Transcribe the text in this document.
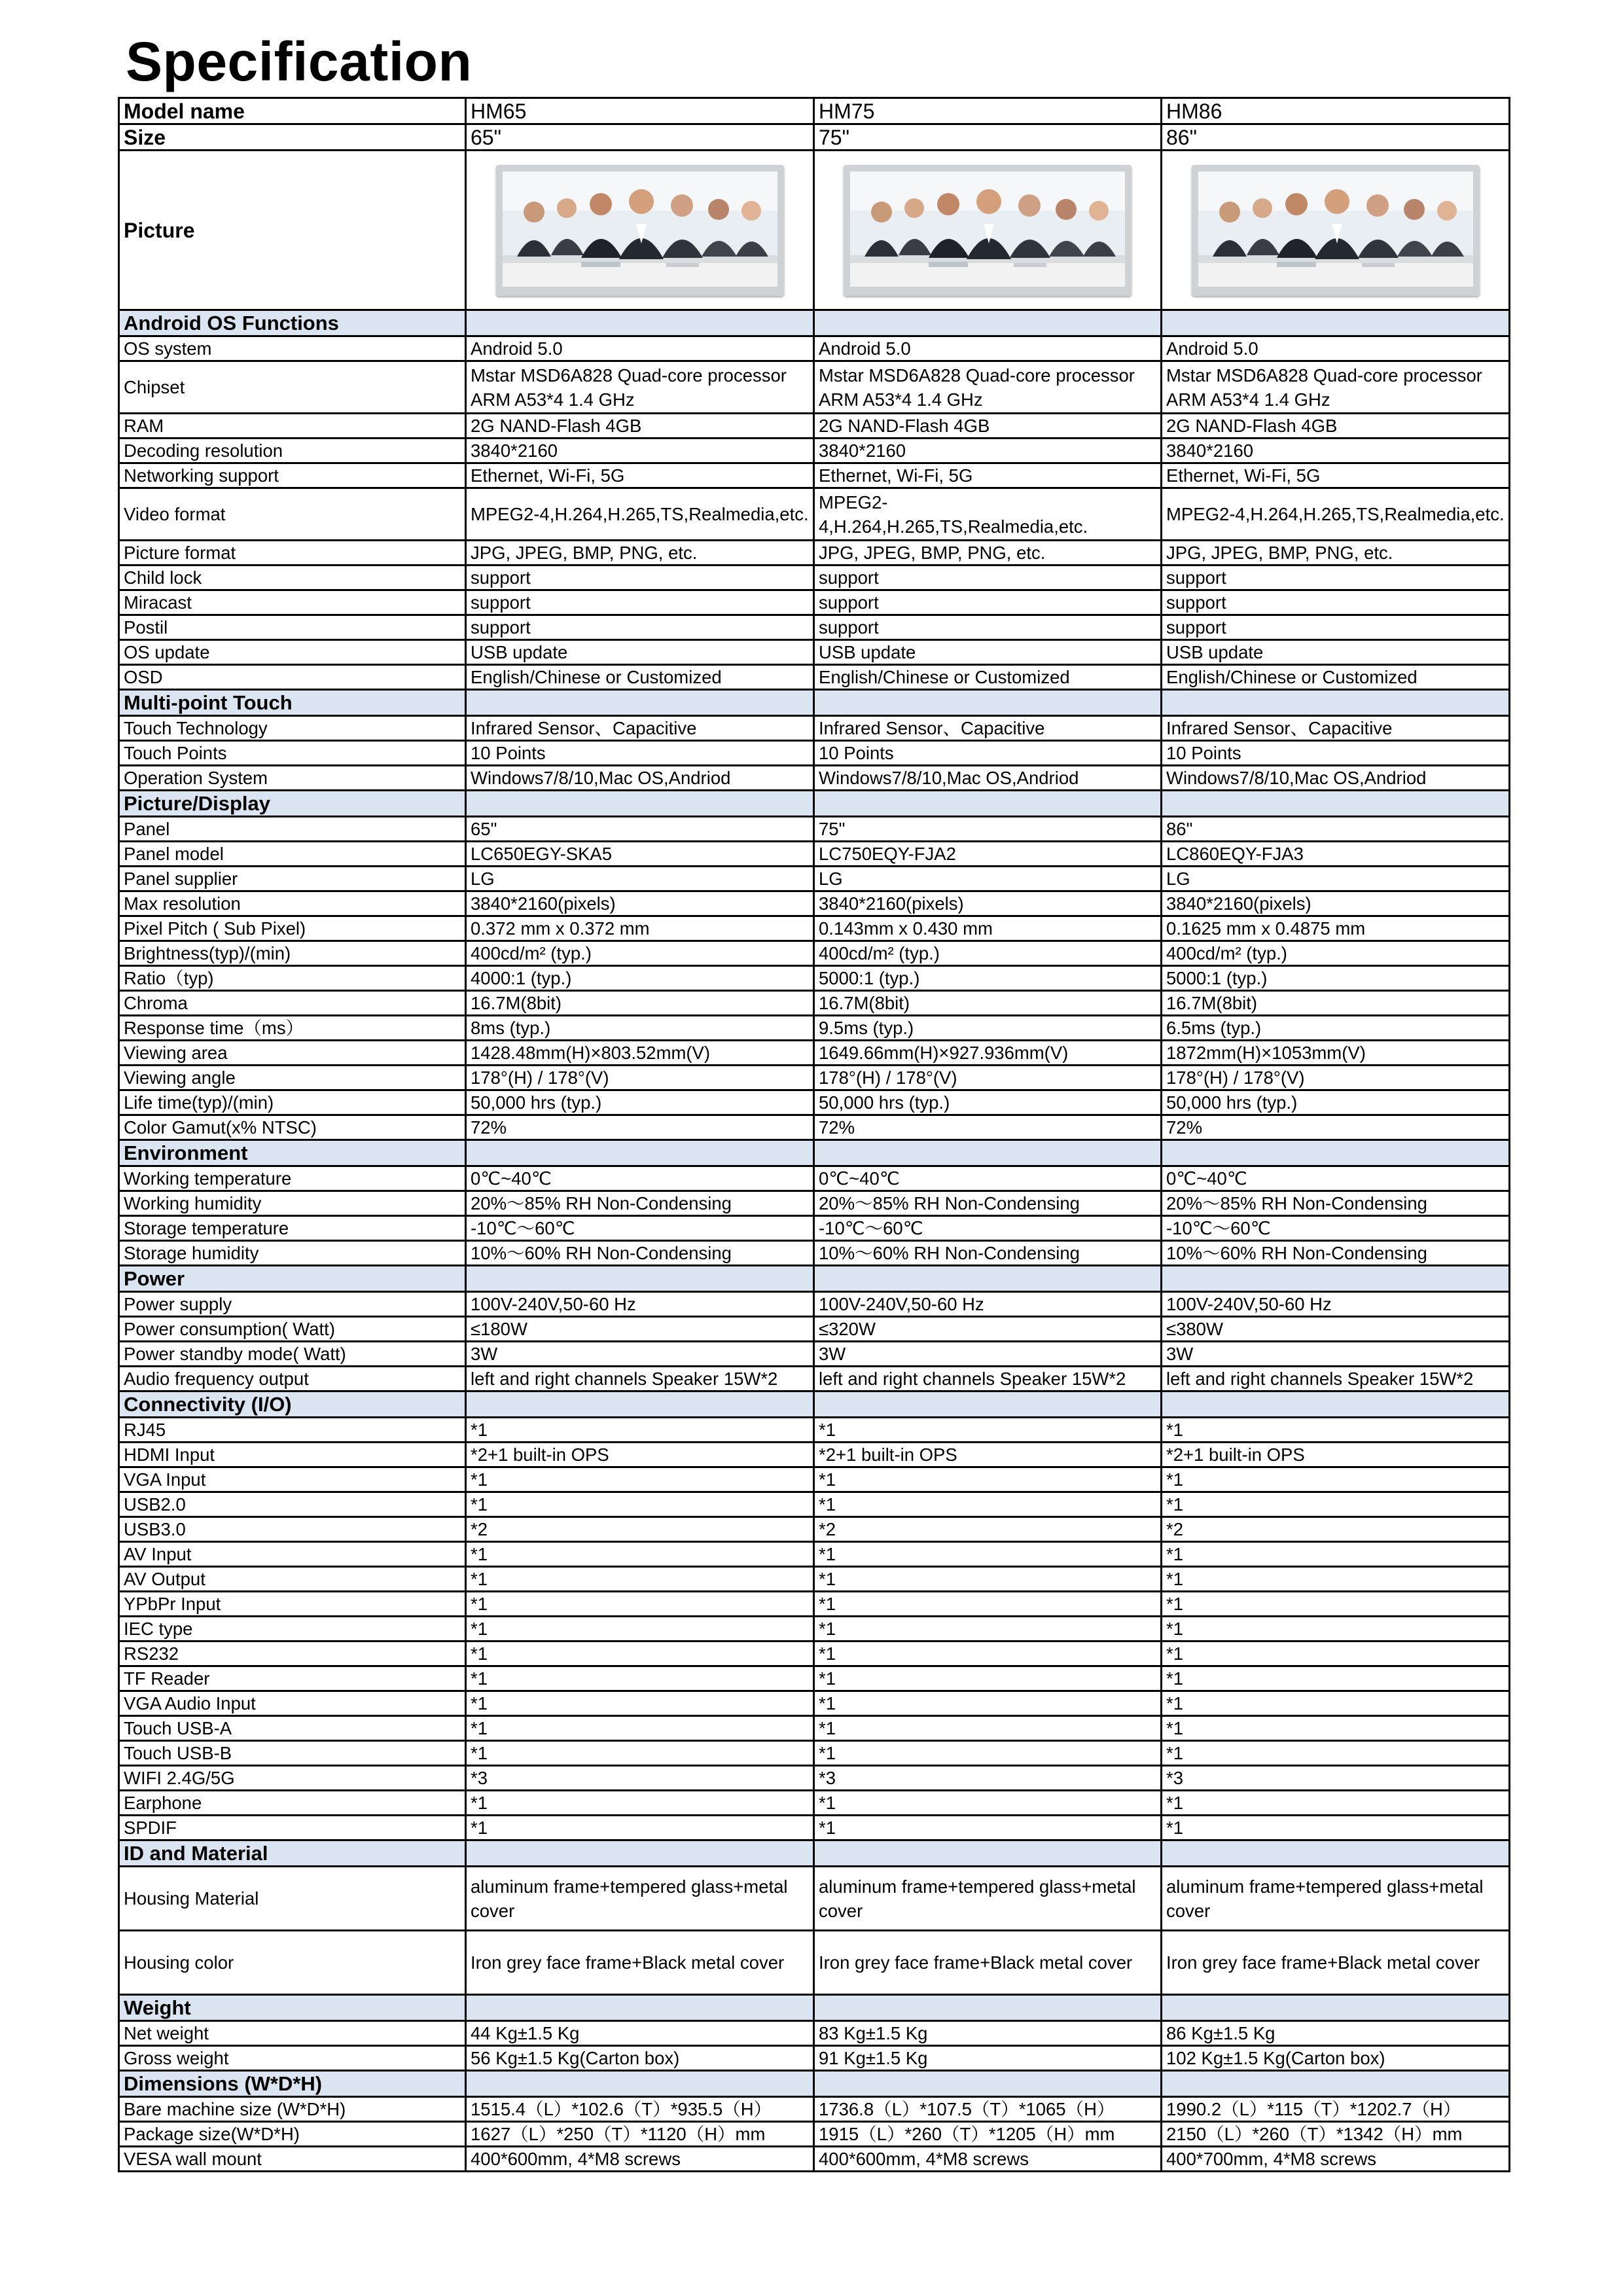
Specification
Model name	HM65	HM75	HM86
Size	65"	75"	86"
Picture	

Android OS Functions			
OS system	Android 5.0	Android 5.0	Android 5.0
Chipset	Mstar MSD6A828 Quad-core processor ARM A53*4 1.4 GHz	Mstar MSD6A828 Quad-core processor ARM A53*4 1.4 GHz	Mstar MSD6A828 Quad-core processor ARM A53*4 1.4 GHz
RAM	2G NAND-Flash 4GB	2G NAND-Flash 4GB	2G NAND-Flash 4GB
Decoding resolution	3840*2160	3840*2160	3840*2160
Networking support	Ethernet, Wi-Fi, 5G	Ethernet, Wi-Fi, 5G	Ethernet, Wi-Fi, 5G
Video format	MPEG2-4,H.264,H.265,TS,Realmedia,etc.	MPEG2-4,H.264,H.265,TS,Realmedia,etc.	MPEG2-4,H.264,H.265,TS,Realmedia,etc.
Picture format	JPG, JPEG, BMP, PNG, etc.	JPG, JPEG, BMP, PNG, etc.	JPG, JPEG, BMP, PNG, etc.
Child lock	support	support	support
Miracast	support	support	support
Postil	support	support	support
OS update	USB update	USB update	USB update
OSD	English/Chinese or Customized	English/Chinese or Customized	English/Chinese or Customized
Multi-point Touch			
Touch Technology	Infrared Sensor、Capacitive	Infrared Sensor、Capacitive	Infrared Sensor、Capacitive
Touch Points	10 Points	10 Points	10 Points
Operation System	Windows7/8/10,Mac OS,Andriod	Windows7/8/10,Mac OS,Andriod	Windows7/8/10,Mac OS,Andriod
Picture/Display			
Panel	65"	75"	86"
Panel model	LC650EGY-SKA5	LC750EQY-FJA2	LC860EQY-FJA3
Panel supplier	LG	LG	LG
Max resolution	3840*2160(pixels)	3840*2160(pixels)	3840*2160(pixels)
Pixel Pitch ( Sub Pixel)	0.372 mm x 0.372 mm	0.143mm x 0.430 mm	0.1625 mm x 0.4875 mm
Brightness(typ)/(min)	400cd/m² (typ.)	400cd/m² (typ.)	400cd/m² (typ.)
Ratio（typ)	4000:1 (typ.)	5000:1 (typ.)	5000:1 (typ.)
Chroma	16.7M(8bit)	16.7M(8bit)	16.7M(8bit)
Response time（ms）	8ms (typ.)	9.5ms (typ.)	6.5ms (typ.)
Viewing area	1428.48mm(H)×803.52mm(V)	1649.66mm(H)×927.936mm(V)	1872mm(H)×1053mm(V)
Viewing angle	178°(H) / 178°(V)	178°(H) / 178°(V)	178°(H) / 178°(V)
Life time(typ)/(min)	50,000 hrs (typ.)	50,000 hrs (typ.)	50,000 hrs (typ.)
Color Gamut(x% NTSC)	72%	72%	72%
Environment			
Working temperature	0℃~40℃	0℃~40℃	0℃~40℃
Working humidity	20%～85% RH Non-Condensing	20%～85% RH Non-Condensing	20%～85% RH Non-Condensing
Storage temperature	-10℃～60℃	-10℃～60℃	-10℃～60℃
Storage humidity	10%～60% RH Non-Condensing	10%～60% RH Non-Condensing	10%～60% RH Non-Condensing
Power			
Power supply	100V-240V,50-60 Hz	100V-240V,50-60 Hz	100V-240V,50-60 Hz
Power consumption( Watt)	≤180W	≤320W	≤380W
Power standby mode( Watt)	3W	3W	3W
Audio frequency output	left and right channels Speaker 15W*2	left and right channels Speaker 15W*2	left and right channels Speaker 15W*2
Connectivity (I/O)			
RJ45	*1	*1	*1
HDMI Input	*2+1 built-in OPS	*2+1 built-in OPS	*2+1 built-in OPS
VGA Input	*1	*1	*1
USB2.0	*1	*1	*1
USB3.0	*2	*2	*2
AV Input	*1	*1	*1
AV Output	*1	*1	*1
YPbPr Input	*1	*1	*1
IEC type	*1	*1	*1
RS232	*1	*1	*1
TF Reader	*1	*1	*1
VGA Audio Input	*1	*1	*1
Touch USB-A	*1	*1	*1
Touch USB-B	*1	*1	*1
WIFI 2.4G/5G	*3	*3	*3
Earphone	*1	*1	*1
SPDIF	*1	*1	*1
ID and Material			
Housing Material	aluminum frame+tempered glass+metal cover	aluminum frame+tempered glass+metal cover	aluminum frame+tempered glass+metal cover
Housing color	Iron grey face frame+Black metal cover	Iron grey face frame+Black metal cover	Iron grey face frame+Black metal cover
Weight			
Net weight	44 Kg±1.5 Kg	83 Kg±1.5 Kg	86 Kg±1.5 Kg
Gross weight	56 Kg±1.5 Kg(Carton box)	91 Kg±1.5 Kg	102 Kg±1.5 Kg(Carton box)
Dimensions (W*D*H)			
Bare machine size (W*D*H)	1515.4（L）*102.6（T）*935.5（H）	1736.8（L）*107.5（T）*1065（H）	1990.2（L）*115（T）*1202.7（H）
Package size(W*D*H)	1627（L）*250（T）*1120（H）mm	1915（L）*260（T）*1205（H）mm	2150（L）*260（T）*1342（H）mm
VESA wall mount	400*600mm, 4*M8 screws	400*600mm, 4*M8 screws	400*700mm, 4*M8 screws
